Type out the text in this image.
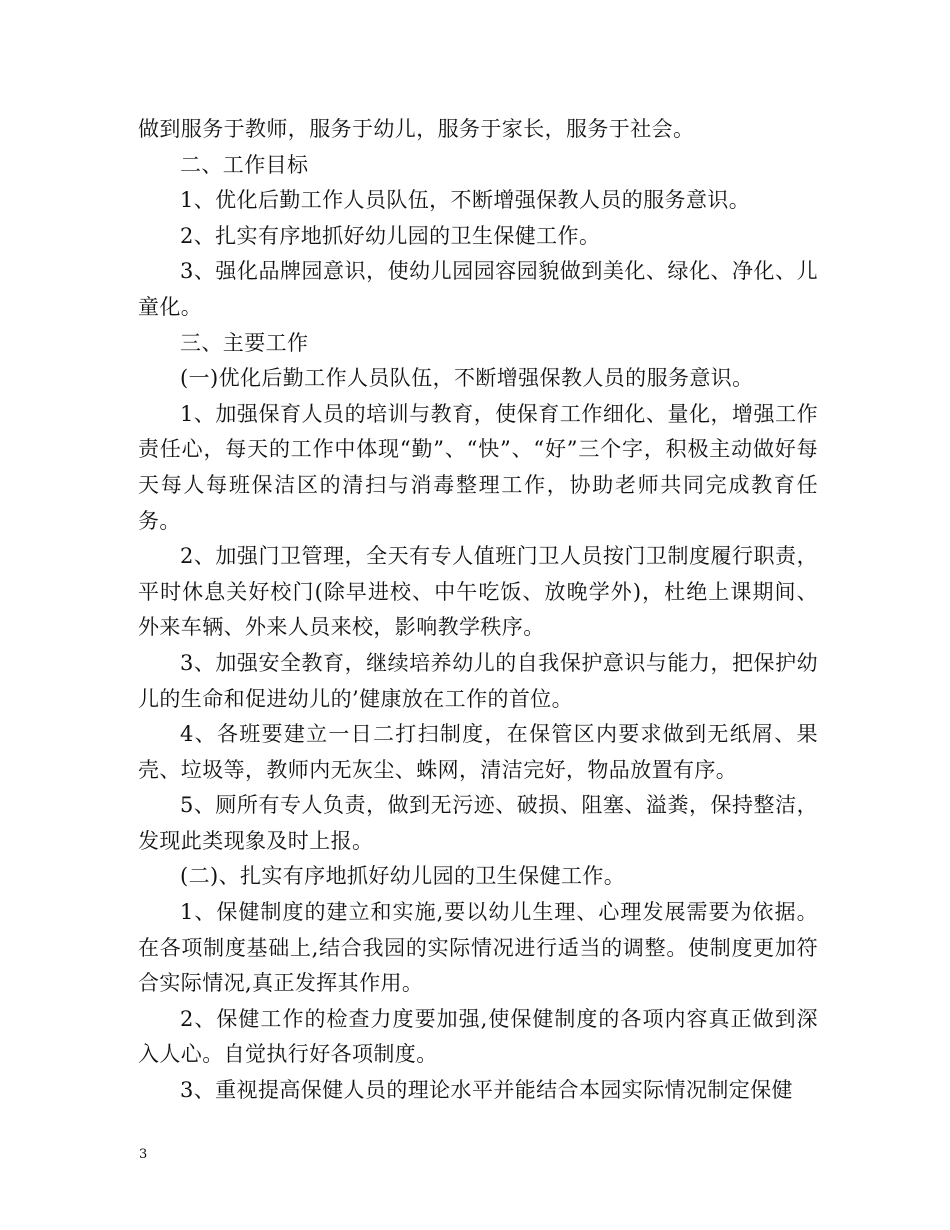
做到服务于教师，服务于幼儿，服务于家长，服务于社会。

二、工作目标

1、优化后勤工作人员队伍，不断增强保教人员的服务意识。

2、扎实有序地抓好幼儿园的卫生保健工作。

3、强化品牌园意识，使幼儿园园容园貌做到美化、绿化、净化、儿童化。

三、主要工作

(一)优化后勤工作人员队伍，不断增强保教人员的服务意识。

1、加强保育人员的培训与教育，使保育工作细化、量化，增强工作责任心，每天的工作中体现“勤”、“快”、“好”三个字，积极主动做好每天每人每班保洁区的清扫与消毒整理工作，协助老师共同完成教育任务。

2、加强门卫管理，全天有专人值班门卫人员按门卫制度履行职责，平时休息关好校门(除早进校、中午吃饭、放晚学外)，杜绝上课期间、外来车辆、外来人员来校，影响教学秩序。

3、加强安全教育，继续培养幼儿的自我保护意识与能力，把保护幼儿的生命和促进幼儿的’健康放在工作的首位。

4、各班要建立一日二打扫制度，在保管区内要求做到无纸屑、果壳、垃圾等，教师内无灰尘、蛛网，清洁完好，物品放置有序。

5、厕所有专人负责，做到无污迹、破损、阻塞、溢粪，保持整洁，发现此类现象及时上报。

(二)、扎实有序地抓好幼儿园的卫生保健工作。

1、保健制度的建立和实施,要以幼儿生理、心理发展需要为依据。在各项制度基础上,结合我园的实际情况进行适当的调整。使制度更加符合实际情况,真正发挥其作用。

2、保健工作的检查力度要加强,使保健制度的各项内容真正做到深入人心。自觉执行好各项制度。

3、重视提高保健人员的理论水平并能结合本园实际情况制定保健

3
